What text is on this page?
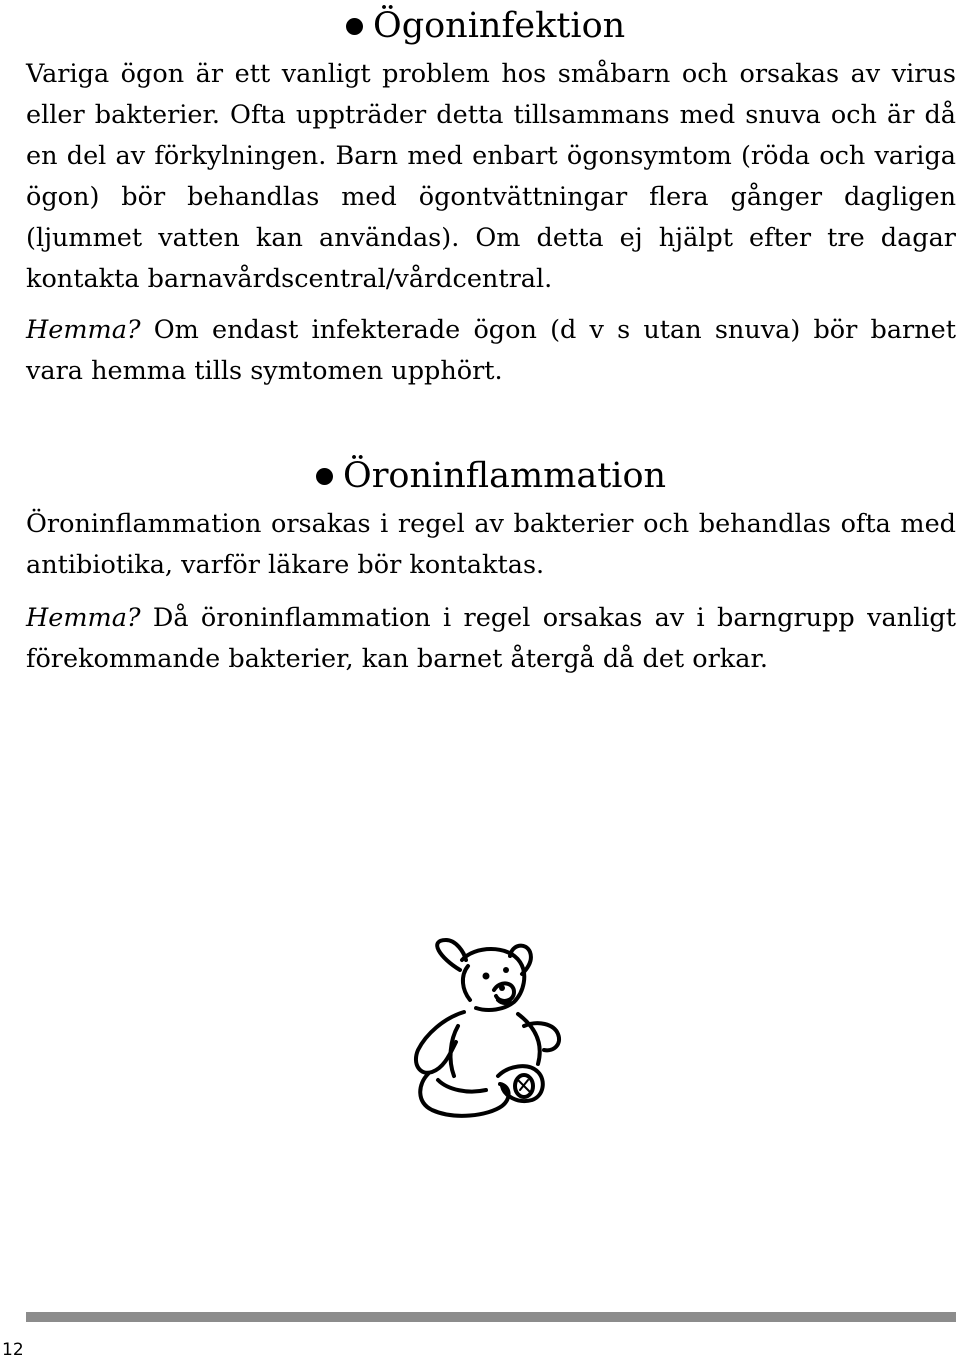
Ögoninfektion

Variga ögon är ett vanligt problem hos småbarn och orsakas av virus eller bakterier. Ofta uppträder detta tillsammans med snuva och är då en del av förkylningen. Barn med enbart ögonsymtom (röda och variga ögon) bör behandlas med ögontvättningar flera gånger dagligen (ljummet vatten kan användas). Om detta ej hjälpt efter tre dagar kontakta barnavårdscentral/vårdcentral.

Hemma? Om endast infekterade ögon (d v s utan snuva) bör barnet vara hemma tills symtomen upphört.

Öroninflammation

Öroninflammation orsakas i regel av bakterier och behandlas ofta med antibiotika, varför läkare bör kontaktas.

Hemma? Då öroninflammation i regel orsakas av i barngrupp vanligt förekommande bakterier, kan barnet återgå då det orkar.

12
